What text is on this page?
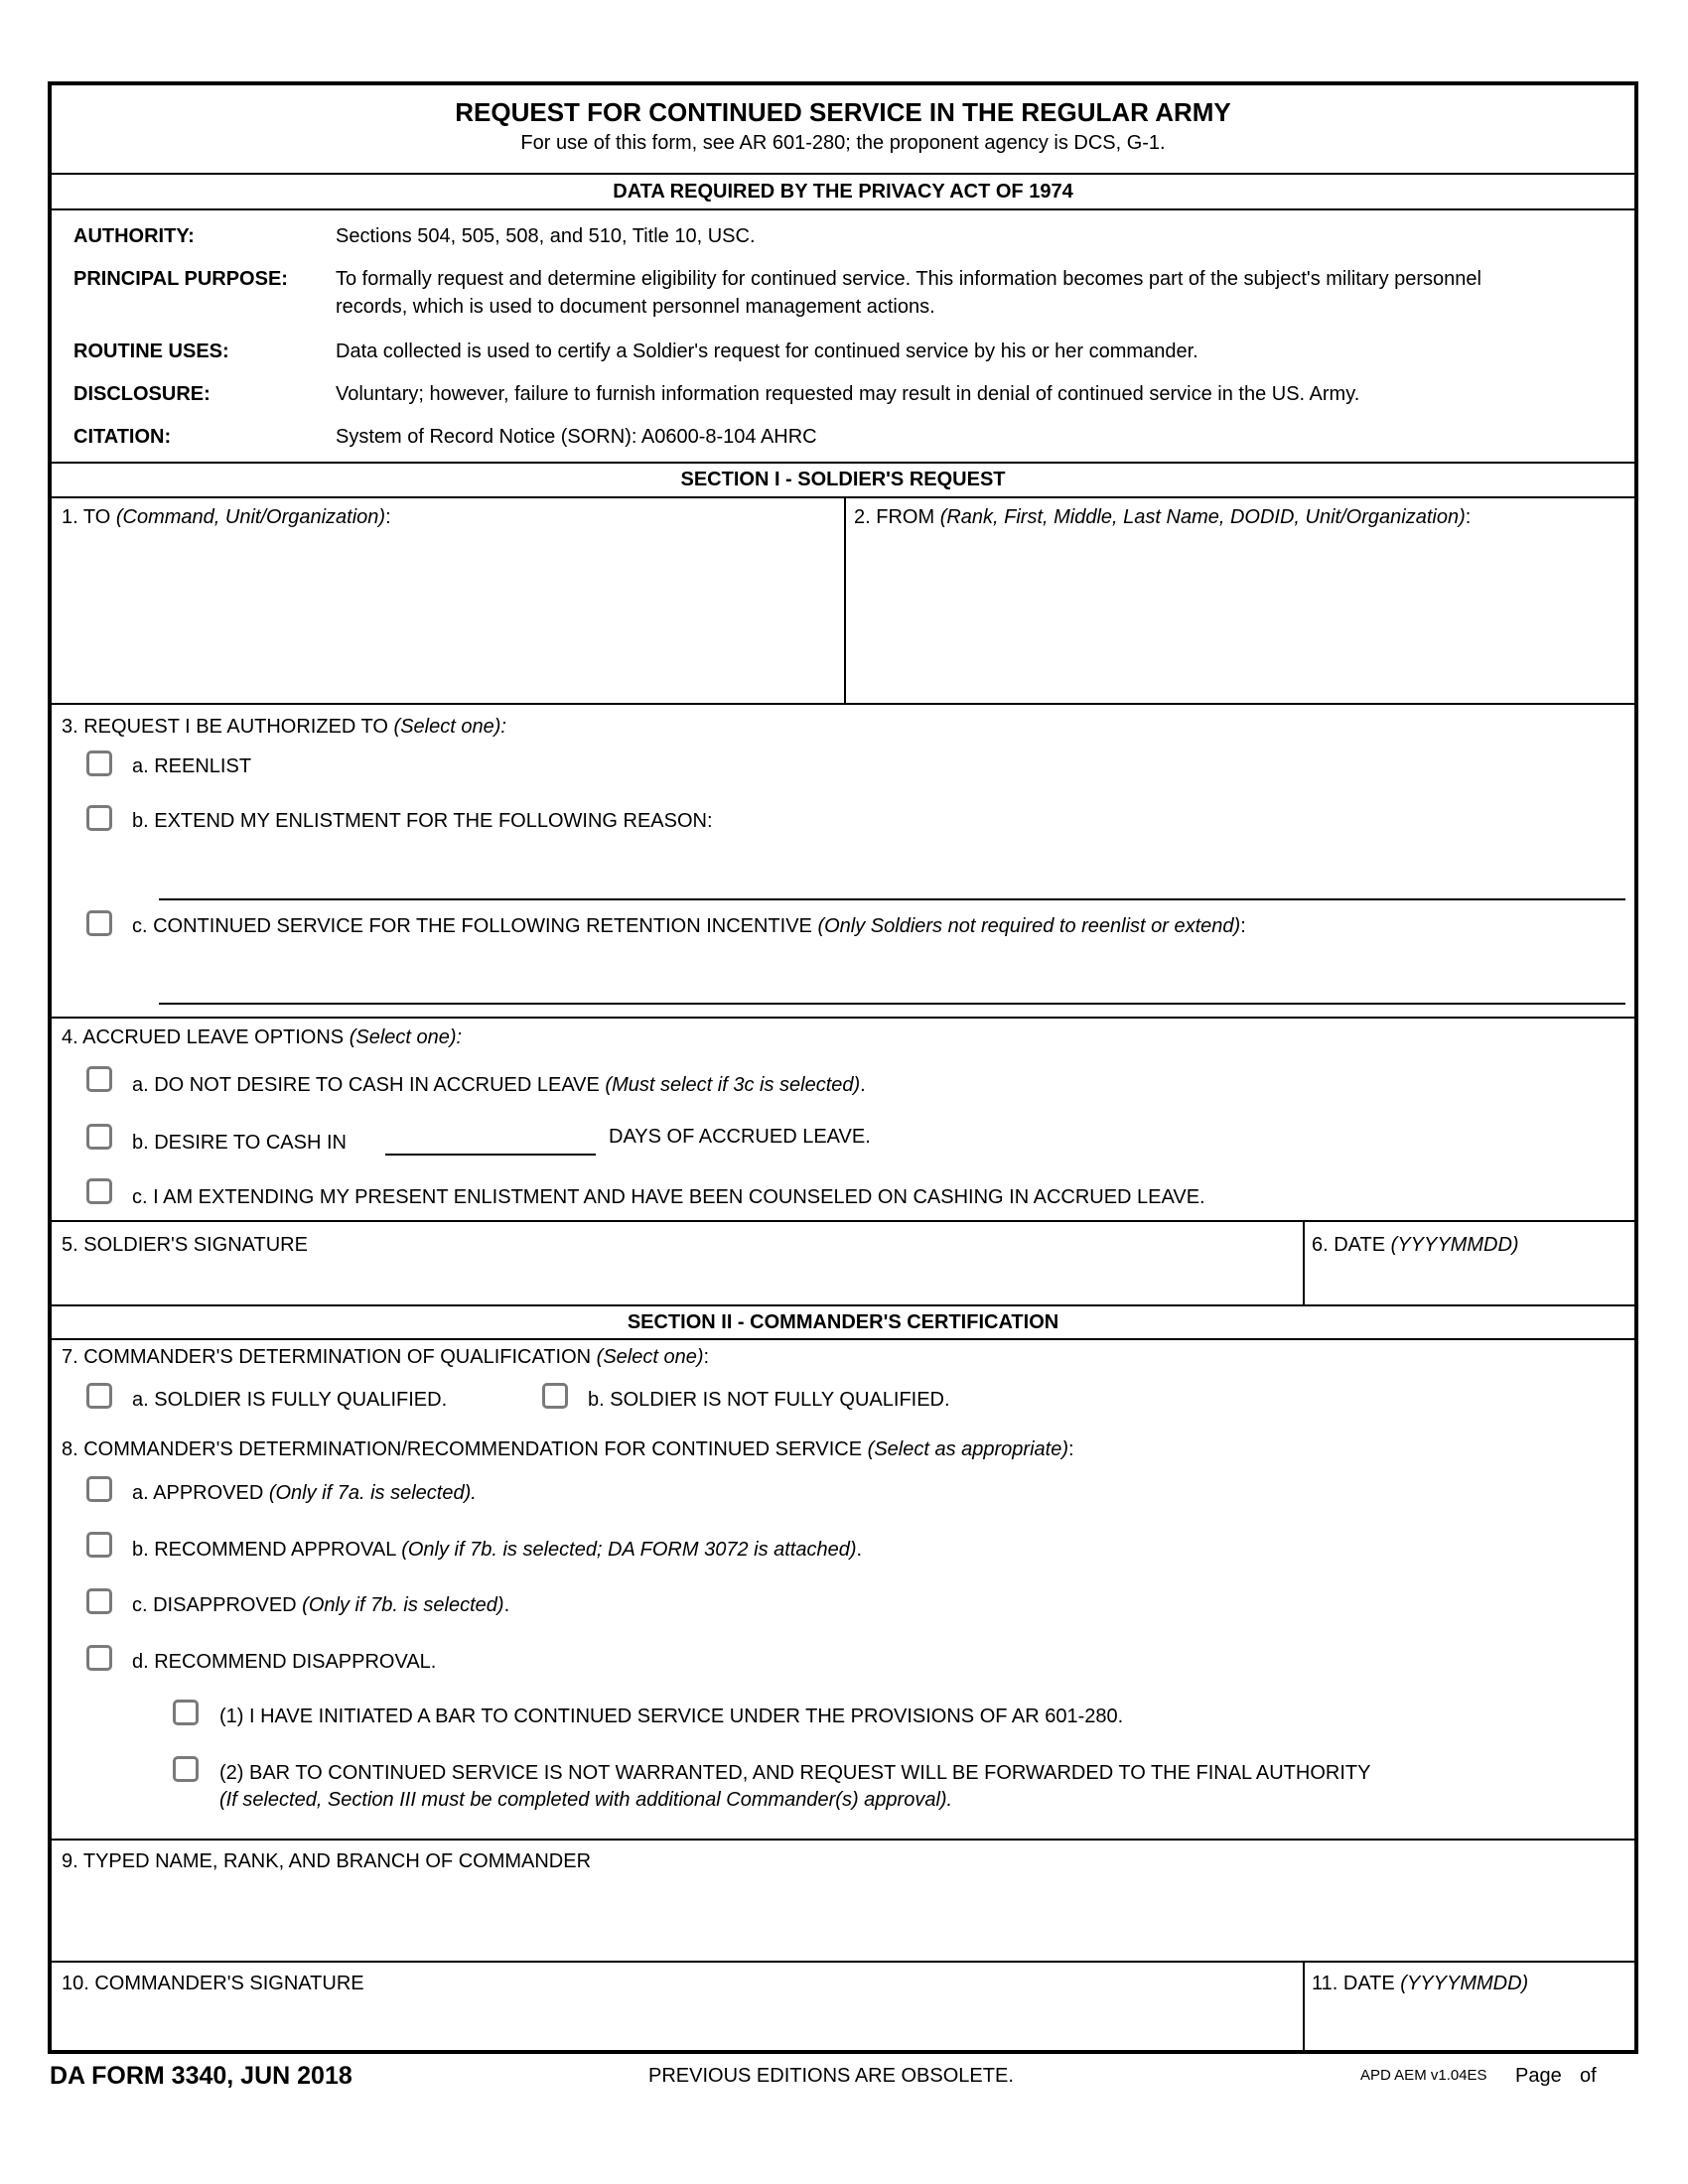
REQUEST FOR CONTINUED SERVICE IN THE REGULAR ARMY
For use of this form, see AR 601-280; the proponent agency is DCS, G-1.
DATA REQUIRED BY THE PRIVACY ACT OF 1974
AUTHORITY:	Sections 504, 505, 508, and 510, Title 10, USC.
PRINCIPAL PURPOSE: To formally request and determine eligibility for continued service. This information becomes part of the subject's military personnel
records, which is used to document personnel management actions.
ROUTINE USES:	Data collected is used to certify a Soldier's request for continued service by his or her commander.
DISCLOSURE:	Voluntary; however, failure to furnish information requested may result in denial of continued service in the US. Army.
CITATION:	System of Record Notice (SORN): A0600-8-104 AHRC
SECTION I - SOLDIER'S REQUEST
1. TO (Command, Unit/Organization):	2. FROM (Rank, First, Middle, Last Name, DODID, Unit/Organization):
3. REQUEST I BE AUTHORIZED TO (Select one):
a. REENLIST
b. EXTEND MY ENLISTMENT FOR THE FOLLOWING REASON:
c. CONTINUED SERVICE FOR THE FOLLOWING RETENTION INCENTIVE (Only Soldiers not required to reenlist or extend):
4. ACCRUED LEAVE OPTIONS (Select one):
a. DO NOT DESIRE TO CASH IN ACCRUED LEAVE (Must select if 3c is selected).
b. DESIRE TO CASH IN	DAYS OF ACCRUED LEAVE.
c. I AM EXTENDING MY PRESENT ENLISTMENT AND HAVE BEEN COUNSELED ON CASHING IN ACCRUED LEAVE.
5. SOLDIER'S SIGNATURE	6. DATE (YYYYMMDD)
SECTION II - COMMANDER'S CERTIFICATION
7. COMMANDER'S DETERMINATION OF QUALIFICATION (Select one):
a. SOLDIER IS FULLY QUALIFIED.	b. SOLDIER IS NOT FULLY QUALIFIED.
8. COMMANDER'S DETERMINATION/RECOMMENDATION FOR CONTINUED SERVICE (Select as appropriate):
a. APPROVED (Only if 7a. is selected).
b. RECOMMEND APPROVAL (Only if 7b. is selected; DA FORM 3072 is attached).
c. DISAPPROVED (Only if 7b. is selected).
d. RECOMMEND DISAPPROVAL.
(1) I HAVE INITIATED A BAR TO CONTINUED SERVICE UNDER THE PROVISIONS OF AR 601-280.
(2) BAR TO CONTINUED SERVICE IS NOT WARRANTED, AND REQUEST WILL BE FORWARDED TO THE FINAL AUTHORITY
(If selected, Section III must be completed with additional Commander(s) approval).
9. TYPED NAME, RANK, AND BRANCH OF COMMANDER
10. COMMANDER'S SIGNATURE	11. DATE (YYYYMMDD)
DA FORM 3340, JUN 2018	PREVIOUS EDITIONS ARE OBSOLETE.	APD AEM v1.04ES Page of
